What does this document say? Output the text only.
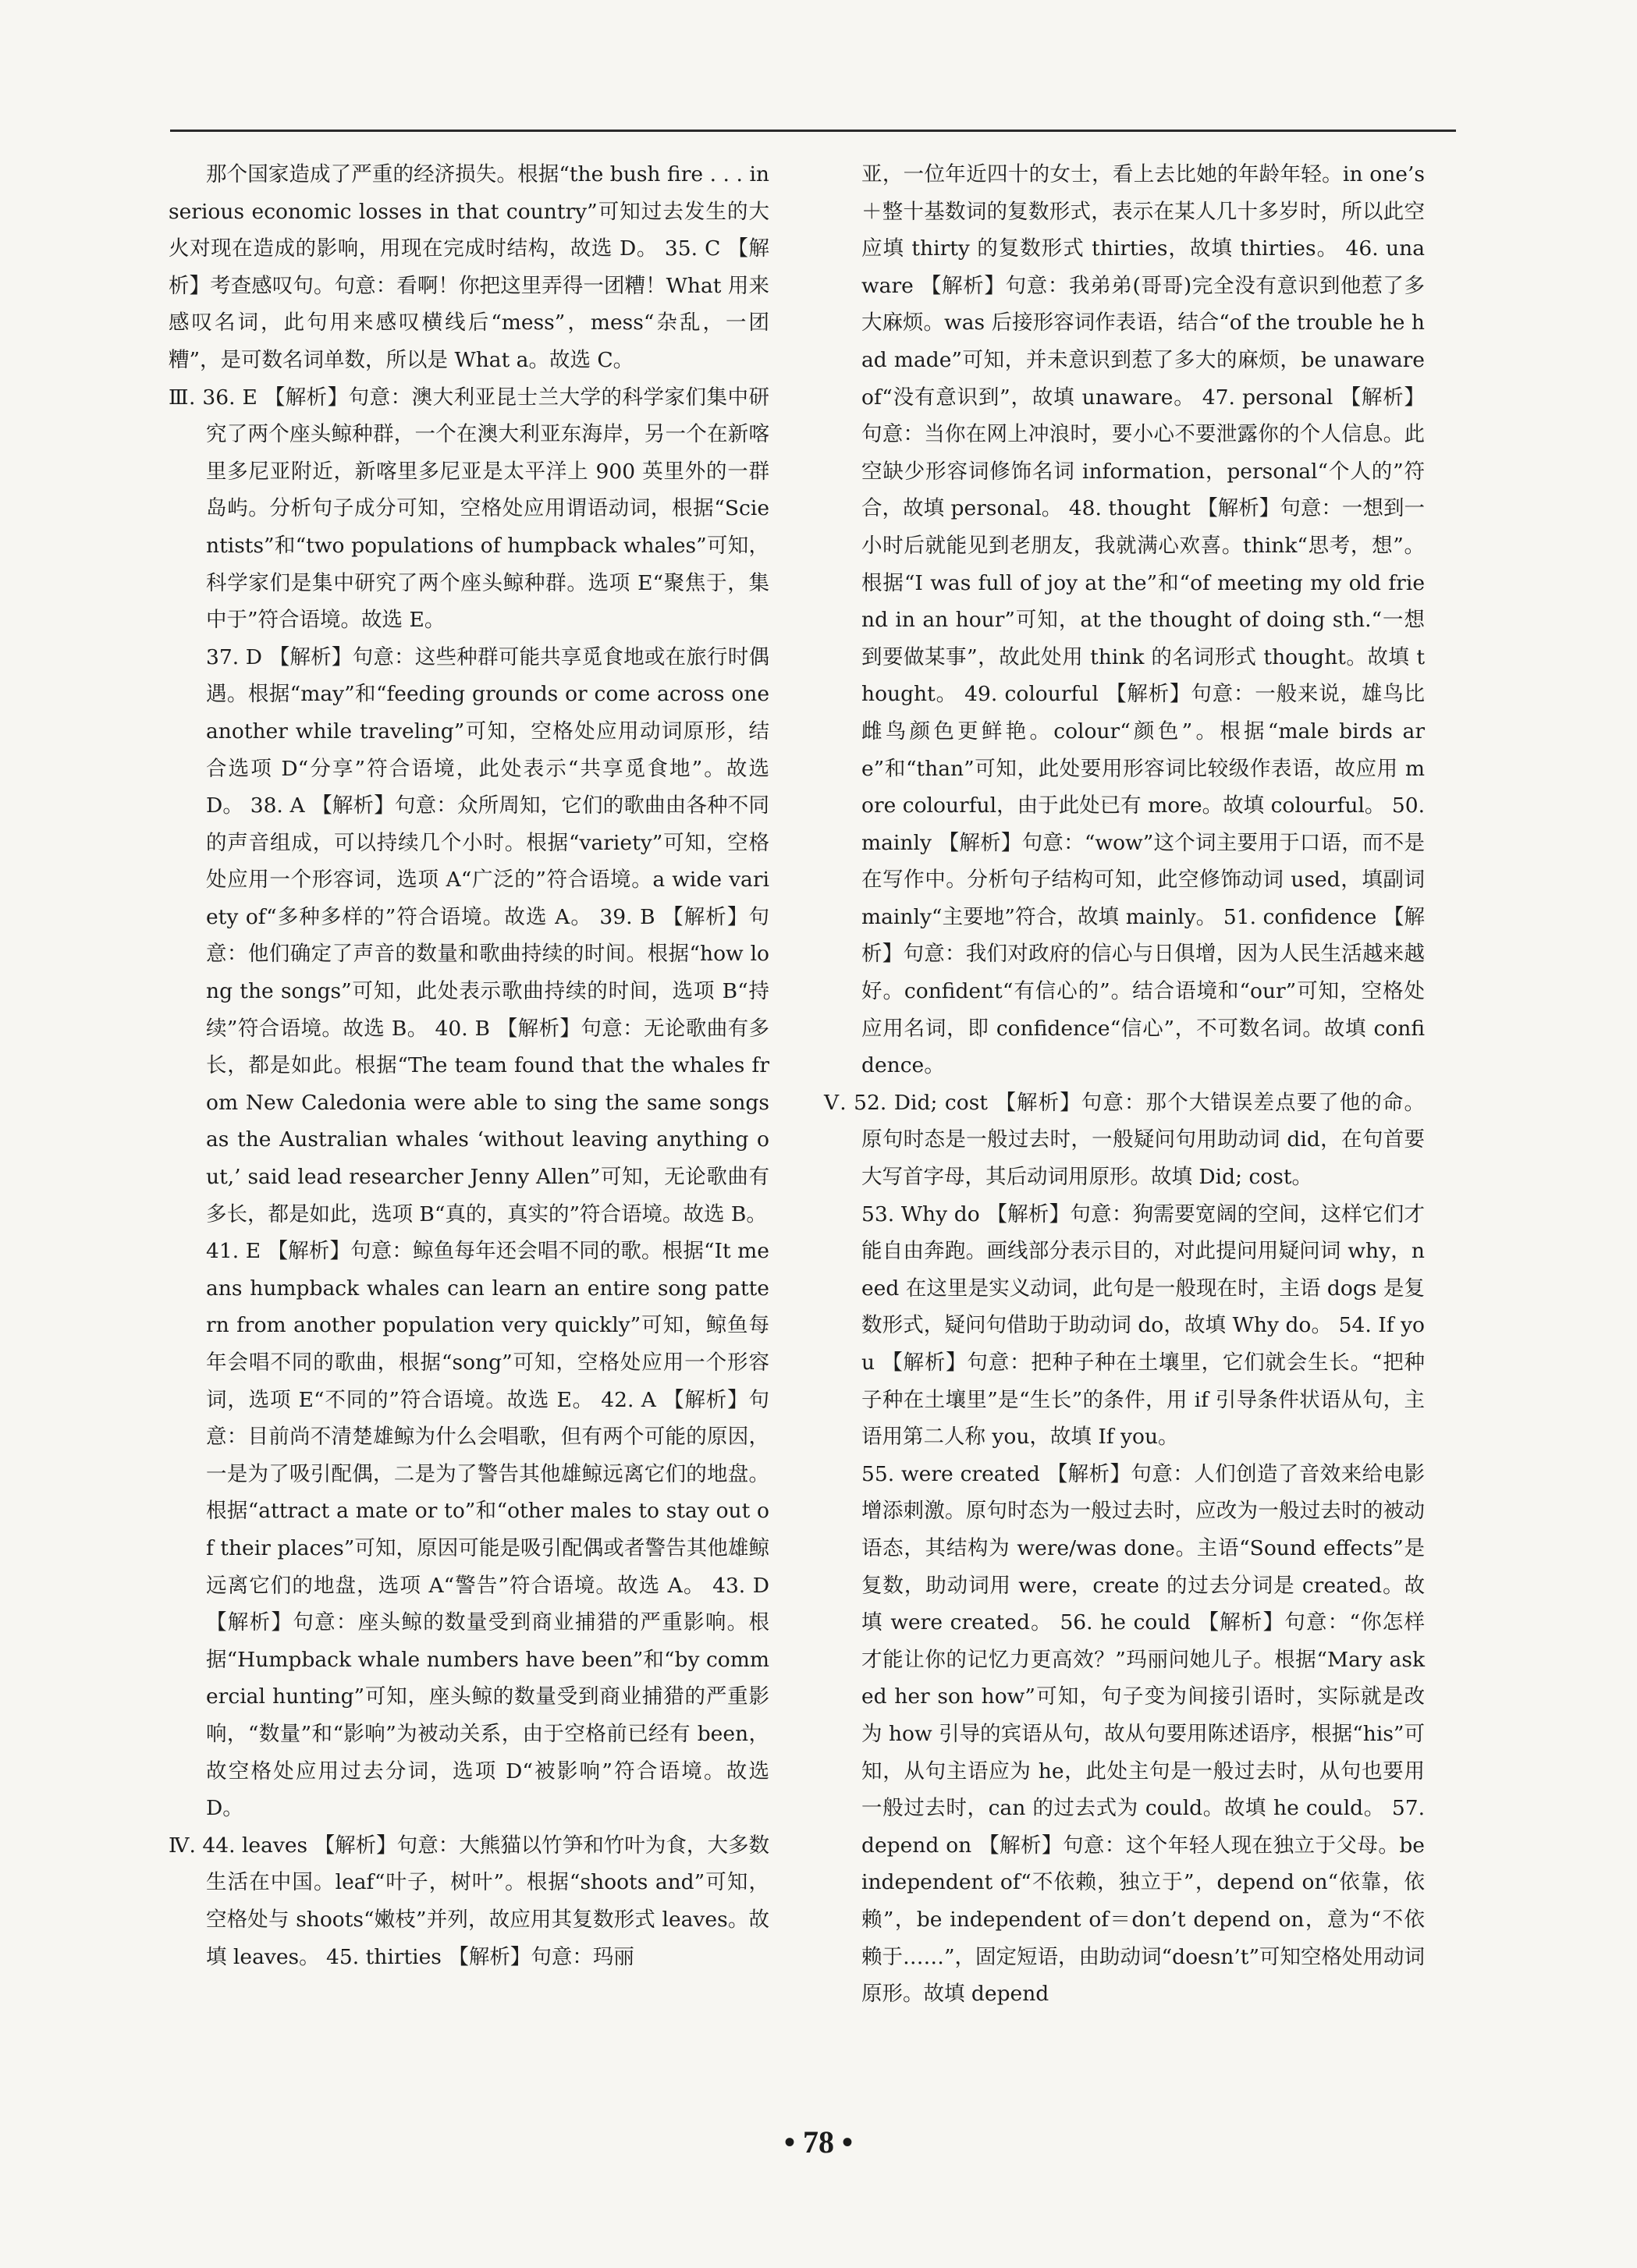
那个国家造成了严重的经济损失。根据“the bush fire . . . in serious economic losses in that country”可知过去发生的大火对现在造成的影响，用现在完成时结构，故选 D。 35. C 【解析】考查感叹句。句意：看啊！你把这里弄得一团糟！What 用来感叹名词，此句用来感叹横线后“mess”，mess“杂乱，一团糟”，是可数名词单数，所以是 What a。故选 C。

Ⅲ. 36. E 【解析】句意：澳大利亚昆士兰大学的科学家们集中研究了两个座头鲸种群，一个在澳大利亚东海岸，另一个在新喀里多尼亚附近，新喀里多尼亚是太平洋上 900 英里外的一群岛屿。分析句子成分可知，空格处应用谓语动词，根据“Scientists”和“two populations of humpback whales”可知，科学家们是集中研究了两个座头鲸种群。选项 E“聚焦于，集中于”符合语境。故选 E。

37. D 【解析】句意：这些种群可能共享觅食地或在旅行时偶遇。根据“may”和“feeding grounds or come across one another while traveling”可知，空格处应用动词原形，结合选项 D“分享”符合语境，此处表示“共享觅食地”。故选 D。 38. A 【解析】句意：众所周知，它们的歌曲由各种不同的声音组成，可以持续几个小时。根据“variety”可知，空格处应用一个形容词，选项 A“广泛的”符合语境。a wide variety of“多种多样的”符合语境。故选 A。 39. B 【解析】句意：他们确定了声音的数量和歌曲持续的时间。根据“how long the songs”可知，此处表示歌曲持续的时间，选项 B“持续”符合语境。故选 B。 40. B 【解析】句意：无论歌曲有多长，都是如此。根据“The team found that the whales from New Caledonia were able to sing the same songs as the Australian whales ‘without leaving anything out,’ said lead researcher Jenny Allen”可知，无论歌曲有多长，都是如此，选项 B“真的，真实的”符合语境。故选 B。

41. E 【解析】句意：鲸鱼每年还会唱不同的歌。根据“It means humpback whales can learn an entire song pattern from another population very quickly”可知，鲸鱼每年会唱不同的歌曲，根据“song”可知，空格处应用一个形容词，选项 E“不同的”符合语境。故选 E。 42. A 【解析】句意：目前尚不清楚雄鲸为什么会唱歌，但有两个可能的原因，一是为了吸引配偶，二是为了警告其他雄鲸远离它们的地盘。根据“attract a mate or to”和“other males to stay out of their places”可知，原因可能是吸引配偶或者警告其他雄鲸远离它们的地盘，选项 A“警告”符合语境。故选 A。 43. D 【解析】句意：座头鲸的数量受到商业捕猎的严重影响。根据“Humpback whale numbers have been”和“by commercial hunting”可知，座头鲸的数量受到商业捕猎的严重影响，“数量”和“影响”为被动关系，由于空格前已经有 been，故空格处应用过去分词，选项 D“被影响”符合语境。故选 D。

Ⅳ. 44. leaves 【解析】句意：大熊猫以竹笋和竹叶为食，大多数生活在中国。leaf“叶子，树叶”。根据“shoots and”可知，空格处与 shoots“嫩枝”并列，故应用其复数形式 leaves。故填 leaves。 45. thirties 【解析】句意：玛丽

亚，一位年近四十的女士，看上去比她的年龄年轻。in one’s＋整十基数词的复数形式，表示在某人几十多岁时，所以此空应填 thirty 的复数形式 thirties，故填 thirties。 46. unaware 【解析】句意：我弟弟(哥哥)完全没有意识到他惹了多大麻烦。was 后接形容词作表语，结合“of the trouble he had made”可知，并未意识到惹了多大的麻烦，be unaware of“没有意识到”，故填 unaware。 47. personal 【解析】句意：当你在网上冲浪时，要小心不要泄露你的个人信息。此空缺少形容词修饰名词 information，personal“个人的”符合，故填 personal。 48. thought 【解析】句意：一想到一小时后就能见到老朋友，我就满心欢喜。think“思考，想”。根据“I was full of joy at the”和“of meeting my old friend in an hour”可知，at the thought of doing sth.“一想到要做某事”，故此处用 think 的名词形式 thought。故填 thought。 49. colourful 【解析】句意：一般来说，雄鸟比雌鸟颜色更鲜艳。colour“颜色”。根据“male birds are”和“than”可知，此处要用形容词比较级作表语，故应用 more colourful，由于此处已有 more。故填 colourful。 50. mainly 【解析】句意：“wow”这个词主要用于口语，而不是在写作中。分析句子结构可知，此空修饰动词 used，填副词 mainly“主要地”符合，故填 mainly。 51. confidence 【解析】句意：我们对政府的信心与日俱增，因为人民生活越来越好。confident“有信心的”。结合语境和“our”可知，空格处应用名词，即 confidence“信心”，不可数名词。故填 confidence。

Ⅴ. 52. Did; cost 【解析】句意：那个大错误差点要了他的命。原句时态是一般过去时，一般疑问句用助动词 did，在句首要大写首字母，其后动词用原形。故填 Did; cost。

53. Why do 【解析】句意：狗需要宽阔的空间，这样它们才能自由奔跑。画线部分表示目的，对此提问用疑问词 why，need 在这里是实义动词，此句是一般现在时，主语 dogs 是复数形式，疑问句借助于助动词 do，故填 Why do。 54. If you 【解析】句意：把种子种在土壤里，它们就会生长。“把种子种在土壤里”是“生长”的条件，用 if 引导条件状语从句，主语用第二人称 you，故填 If you。

55. were created 【解析】句意：人们创造了音效来给电影增添刺激。原句时态为一般过去时，应改为一般过去时的被动语态，其结构为 were/was done。主语“Sound effects”是复数，助动词用 were，create 的过去分词是 created。故填 were created。 56. he could 【解析】句意：“你怎样才能让你的记忆力更高效？”玛丽问她儿子。根据“Mary asked her son how”可知，句子变为间接引语时，实际就是改为 how 引导的宾语从句，故从句要用陈述语序，根据“his”可知，从句主语应为 he，此处主句是一般过去时，从句也要用一般过去时，can 的过去式为 could。故填 he could。 57. depend on 【解析】句意：这个年轻人现在独立于父母。be independent of“不依赖，独立于”，depend on“依靠，依赖”，be independent of＝don’t depend on，意为“不依赖于……”，固定短语，由助动词“doesn’t”可知空格处用动词原形。故填 depend

• 78 •
